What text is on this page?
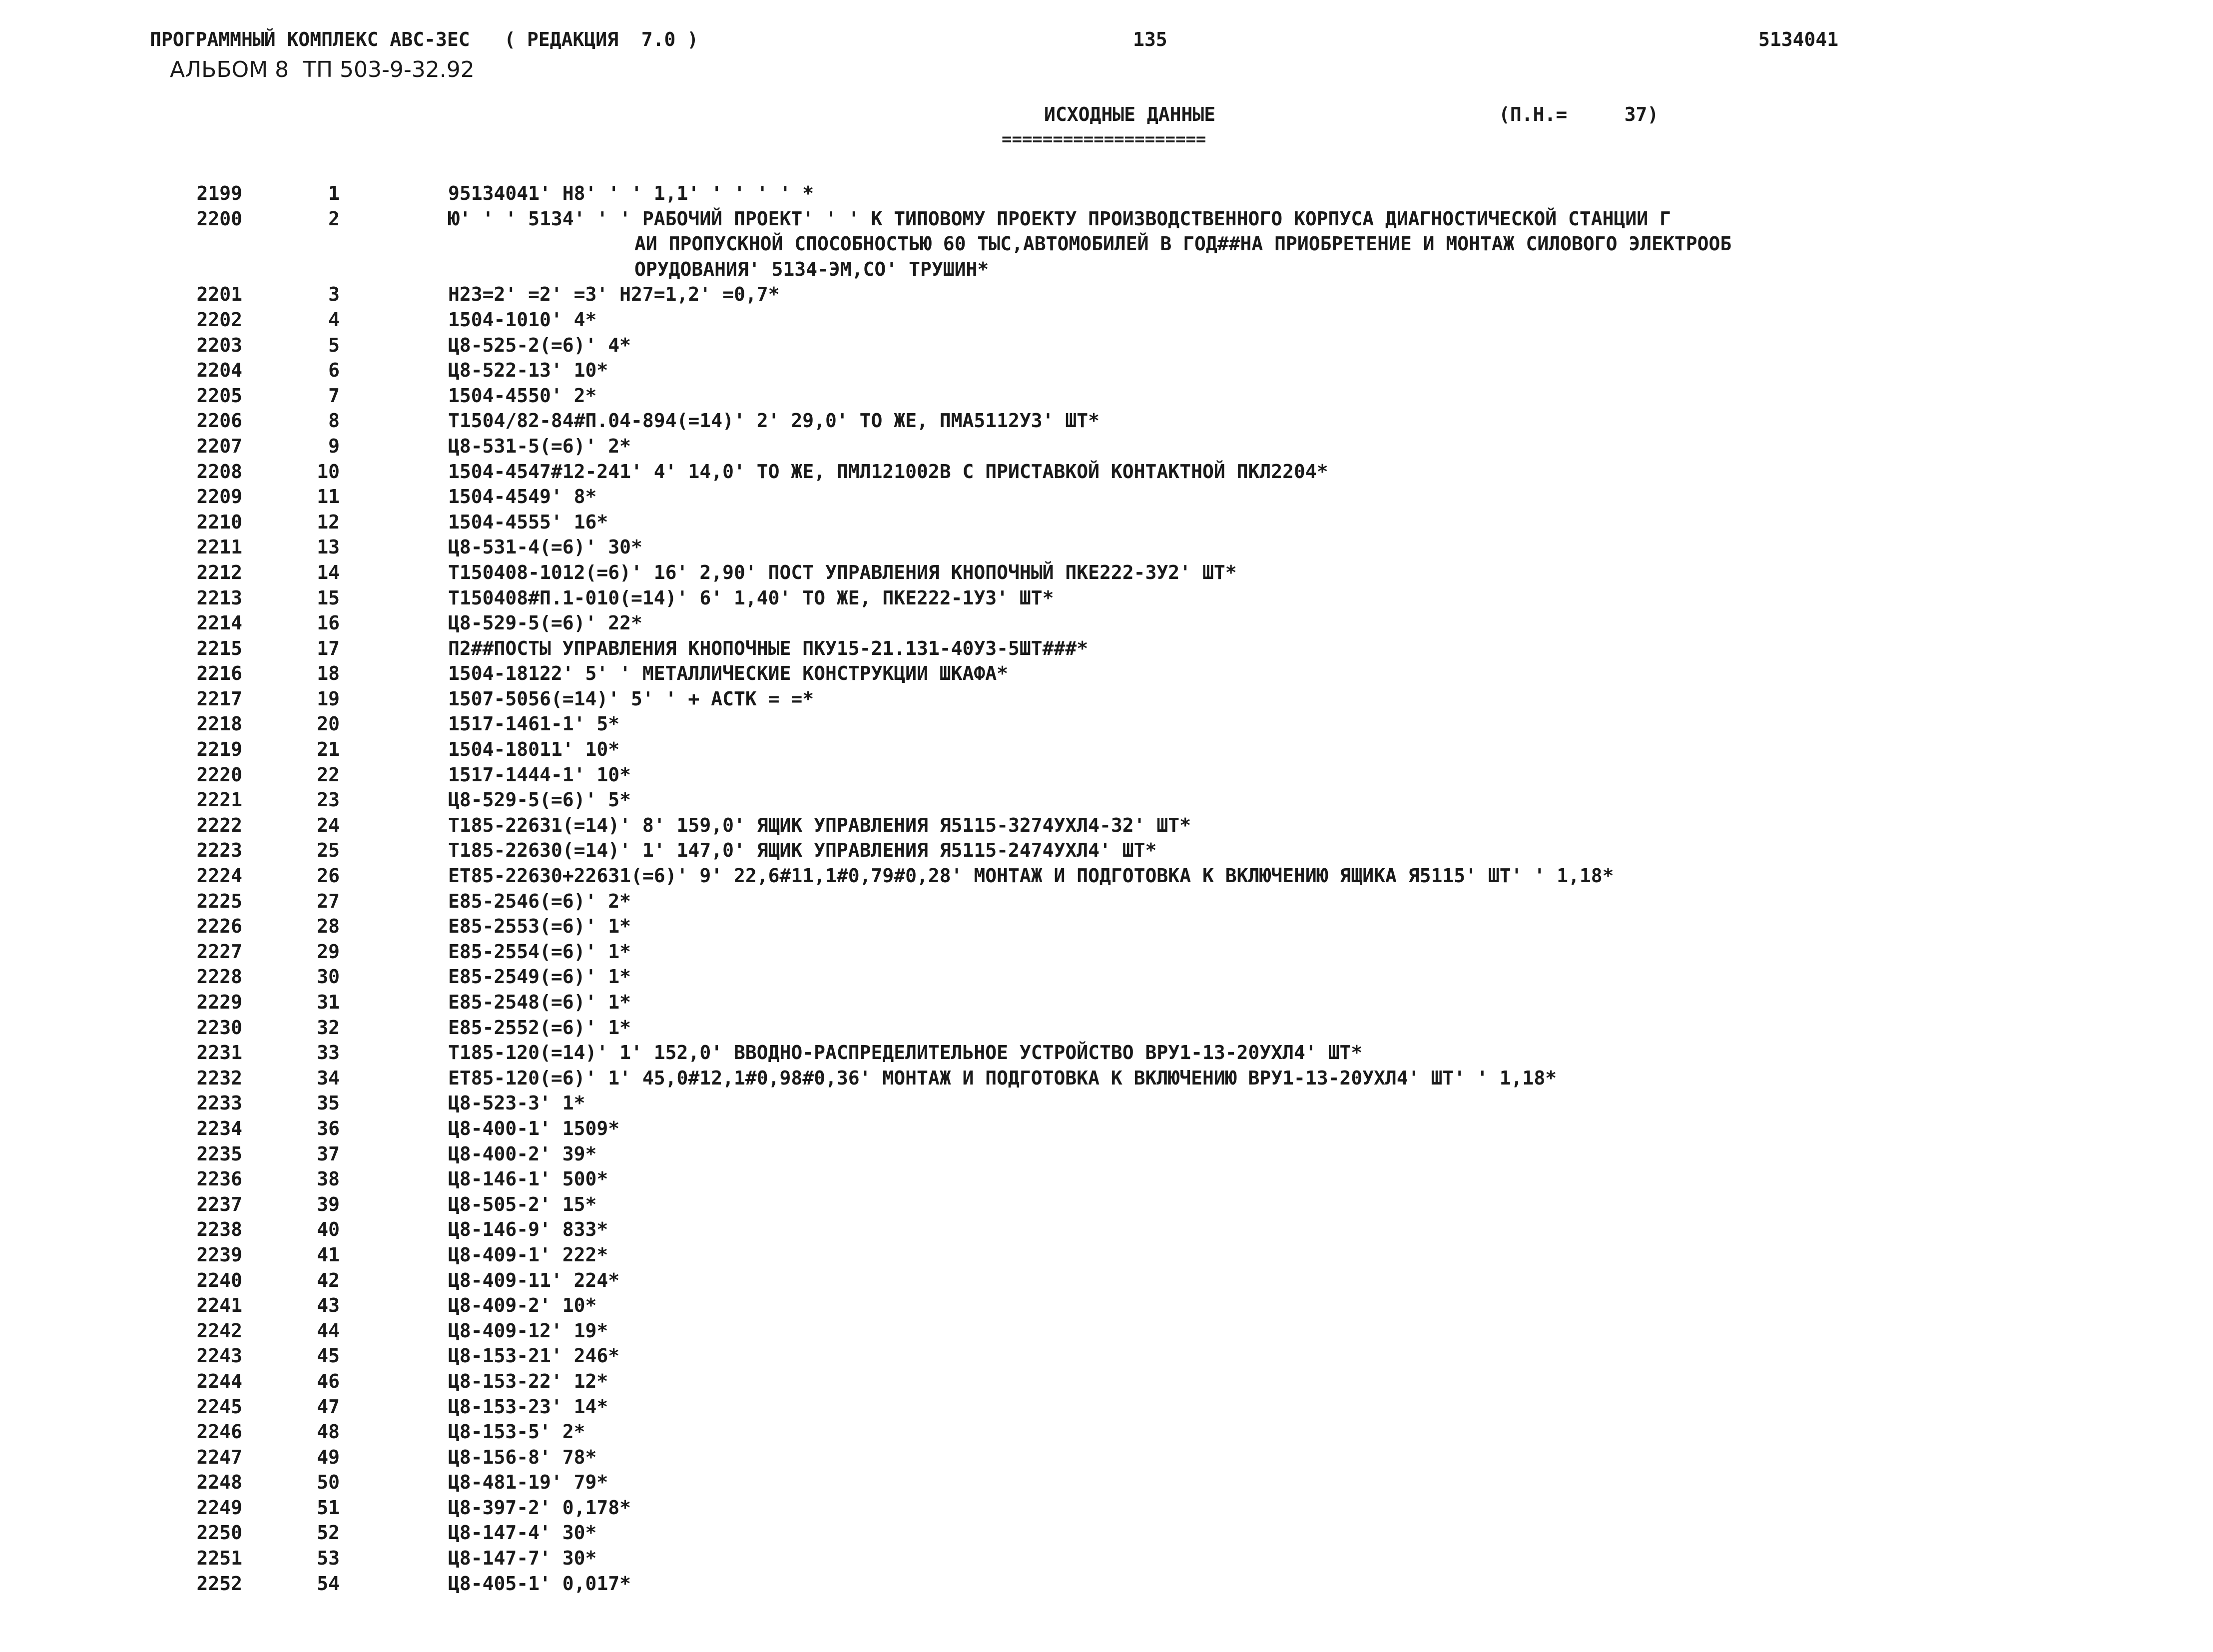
ПРОГРАММНЫЙ КОМПЛЕКС АВС-3ЕС   ( РЕДАКЦИЯ  7.0 )	135	5134041
АЛЬБОМ 8  ТП 503-9-32.92
ИСХОДНЫЕ ДАННЫЕ	(П.Н.=     37)
====================
2199	1	95134041' Н8' ' ' 1,1' ' ' ' ' *
2200	2	Ю' ' ' 5134' ' ' РАБОЧИЙ ПРОЕКТ' ' ' К ТИПОВОМУ ПРОЕКТУ ПРОИЗВОДСТВЕННОГО КОРПУСА ДИАГНОСТИЧЕСКОЙ СТАНЦИИ Г
АИ ПРОПУСКНОЙ СПОСОБНОСТЬЮ 60 ТЫС,АВТОМОБИЛЕЙ В ГОД##НА ПРИОБРЕТЕНИЕ И МОНТАЖ СИЛОВОГО ЭЛЕКТРООБ
ОРУДОВАНИЯ' 5134-ЭМ,СО' ТРУШИН*
2201	3	Н23=2' =2' =3' Н27=1,2' =0,7*
2202	4	1504-1010' 4*
2203	5	Ц8-525-2(=6)' 4*
2204	6	Ц8-522-13' 10*
2205	7	1504-4550' 2*
2206	8	Т1504/82-84#П.04-894(=14)' 2' 29,0' ТО ЖЕ, ПМА5112У3' ШТ*
2207	9	Ц8-531-5(=6)' 2*
2208	10	1504-4547#12-241' 4' 14,0' ТО ЖЕ, ПМЛ121002В С ПРИСТАВКОЙ КОНТАКТНОЙ ПКЛ2204*
2209	11	1504-4549' 8*
2210	12	1504-4555' 16*
2211	13	Ц8-531-4(=6)' 30*
2212	14	Т150408-1012(=6)' 16' 2,90' ПОСТ УПРАВЛЕНИЯ КНОПОЧНЫЙ ПКЕ222-3У2' ШТ*
2213	15	Т150408#П.1-010(=14)' 6' 1,40' ТО ЖЕ, ПКЕ222-1У3' ШТ*
2214	16	Ц8-529-5(=6)' 22*
2215	17	П2##ПОСТЫ УПРАВЛЕНИЯ КНОПОЧНЫЕ ПКУ15-21.131-40У3-5ШТ###*
2216	18	1504-18122' 5' ' МЕТАЛЛИЧЕСКИЕ КОНСТРУКЦИИ ШКАФА*
2217	19	1507-5056(=14)' 5' ' + АСТК = =*
2218	20	1517-1461-1' 5*
2219	21	1504-18011' 10*
2220	22	1517-1444-1' 10*
2221	23	Ц8-529-5(=6)' 5*
2222	24	Т185-22631(=14)' 8' 159,0' ЯЩИК УПРАВЛЕНИЯ Я5115-3274УХЛ4-32' ШТ*
2223	25	Т185-22630(=14)' 1' 147,0' ЯЩИК УПРАВЛЕНИЯ Я5115-2474УХЛ4' ШТ*
2224	26	ЕТ85-22630+22631(=6)' 9' 22,6#11,1#0,79#0,28' МОНТАЖ И ПОДГОТОВКА К ВКЛЮЧЕНИЮ ЯЩИКА Я5115' ШТ' ' 1,18*
2225	27	Е85-2546(=6)' 2*
2226	28	Е85-2553(=6)' 1*
2227	29	Е85-2554(=6)' 1*
2228	30	Е85-2549(=6)' 1*
2229	31	Е85-2548(=6)' 1*
2230	32	Е85-2552(=6)' 1*
2231	33	Т185-120(=14)' 1' 152,0' ВВОДНО-РАСПРЕДЕЛИТЕЛЬНОЕ УСТРОЙСТВО ВРУ1-13-20УХЛ4' ШТ*
2232	34	ЕТ85-120(=6)' 1' 45,0#12,1#0,98#0,36' МОНТАЖ И ПОДГОТОВКА К ВКЛЮЧЕНИЮ ВРУ1-13-20УХЛ4' ШТ' ' 1,18*
2233	35	Ц8-523-3' 1*
2234	36	Ц8-400-1' 1509*
2235	37	Ц8-400-2' 39*
2236	38	Ц8-146-1' 500*
2237	39	Ц8-505-2' 15*
2238	40	Ц8-146-9' 833*
2239	41	Ц8-409-1' 222*
2240	42	Ц8-409-11' 224*
2241	43	Ц8-409-2' 10*
2242	44	Ц8-409-12' 19*
2243	45	Ц8-153-21' 246*
2244	46	Ц8-153-22' 12*
2245	47	Ц8-153-23' 14*
2246	48	Ц8-153-5' 2*
2247	49	Ц8-156-8' 78*
2248	50	Ц8-481-19' 79*
2249	51	Ц8-397-2' 0,178*
2250	52	Ц8-147-4' 30*
2251	53	Ц8-147-7' 30*
2252	54	Ц8-405-1' 0,017*
